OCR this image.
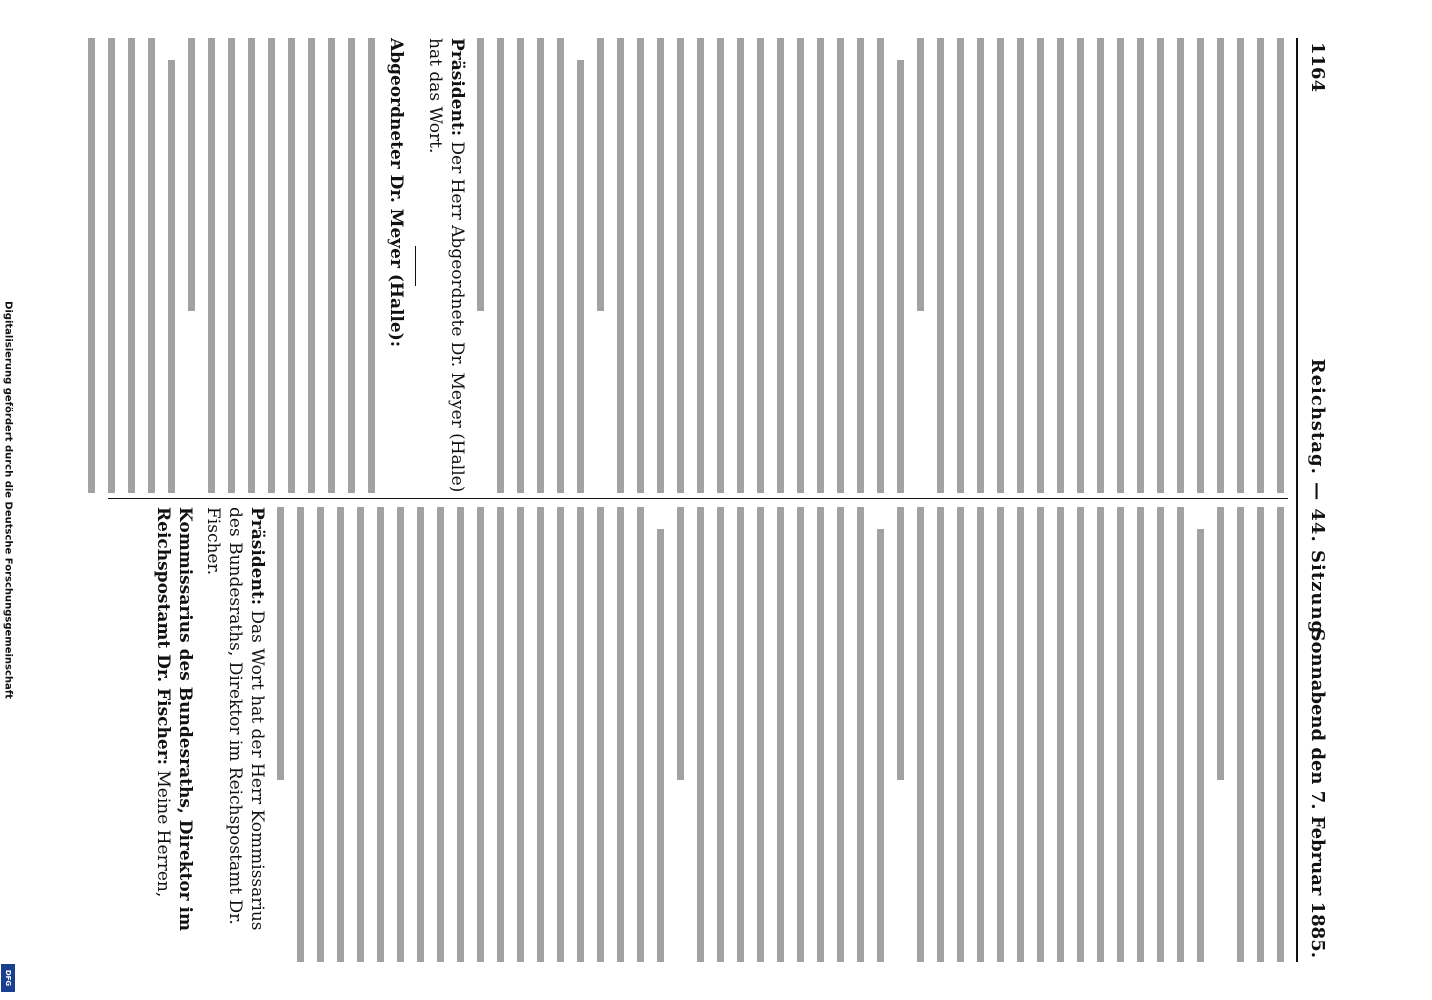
1164
Reichstag. — 44. Sitzung.
Sonnabend den 7. Februar 1885.
Präsident: Der Herr Abgeordnete Dr. Meyer (Halle) hat das Wort.
Abgeordneter Dr. Meyer (Halle):
Präsident: Das Wort hat der Herr Kommissarius des Bundesraths, Direktor im Reichspostamt Dr. Fischer.
Kommissarius des Bundesraths, Direktor im Reichspostamt Dr. Fischer: Meine Herren,
Digitalisierung gefördert durch die Deutsche Forschungsgemeinschaft
DFG
